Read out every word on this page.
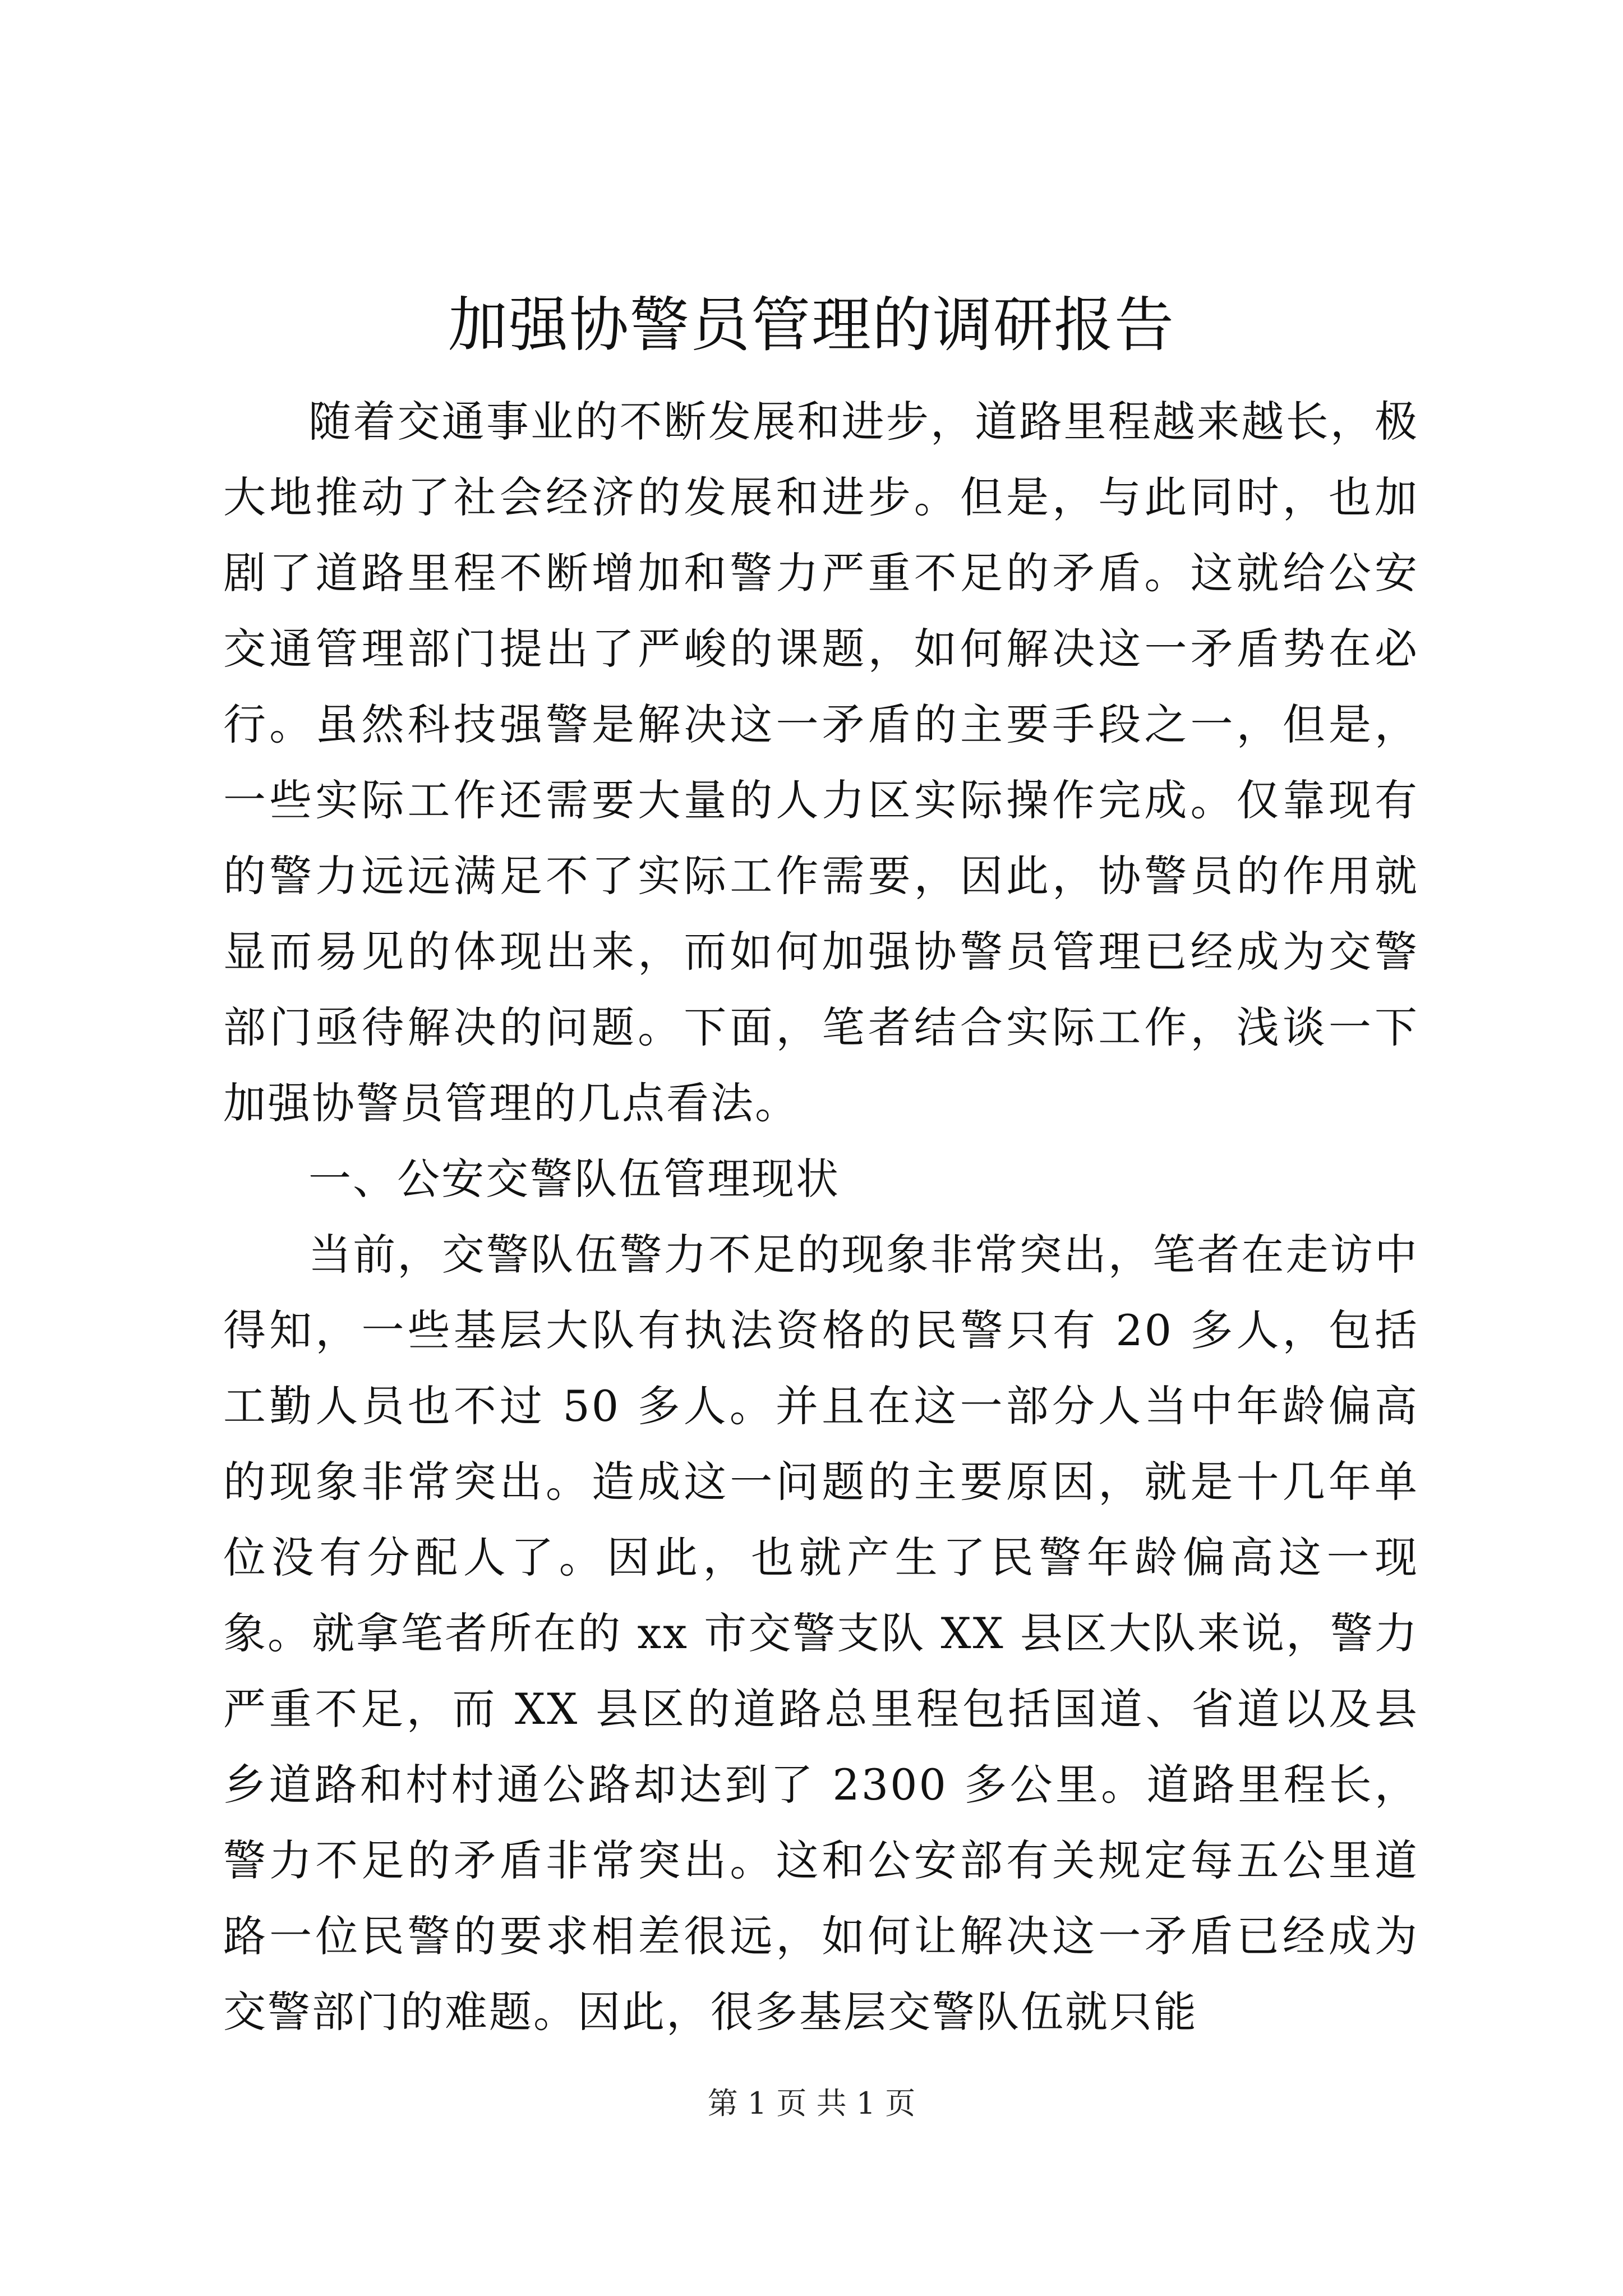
加强协警员管理的调研报告

随着交通事业的不断发展和进步，道路里程越来越长，极大地推动了社会经济的发展和进步。但是，与此同时，也加剧了道路里程不断增加和警力严重不足的矛盾。这就给公安交通管理部门提出了严峻的课题，如何解决这一矛盾势在必行。虽然科技强警是解决这一矛盾的主要手段之一，但是，一些实际工作还需要大量的人力区实际操作完成。仅靠现有的警力远远满足不了实际工作需要，因此，协警员的作用就显而易见的体现出来，而如何加强协警员管理已经成为交警部门亟待解决的问题。下面，笔者结合实际工作，浅谈一下加强协警员管理的几点看法。

一、公安交警队伍管理现状

当前，交警队伍警力不足的现象非常突出，笔者在走访中得知，一些基层大队有执法资格的民警只有 20 多人，包括工勤人员也不过 50 多人。并且在这一部分人当中年龄偏高的现象非常突出。造成这一问题的主要原因，就是十几年单位没有分配人了。因此，也就产生了民警年龄偏高这一现象。就拿笔者所在的 xx 市交警支队 XX 县区大队来说，警力严重不足，而 XX 县区的道路总里程包括国道、省道以及县乡道路和村村通公路却达到了 2300 多公里。道路里程长，警力不足的矛盾非常突出。这和公安部有关规定每五公里道路一位民警的要求相差很远，如何让解决这一矛盾已经成为交警部门的难题。因此，很多基层交警队伍就只能

第 1 页 共 1 页
